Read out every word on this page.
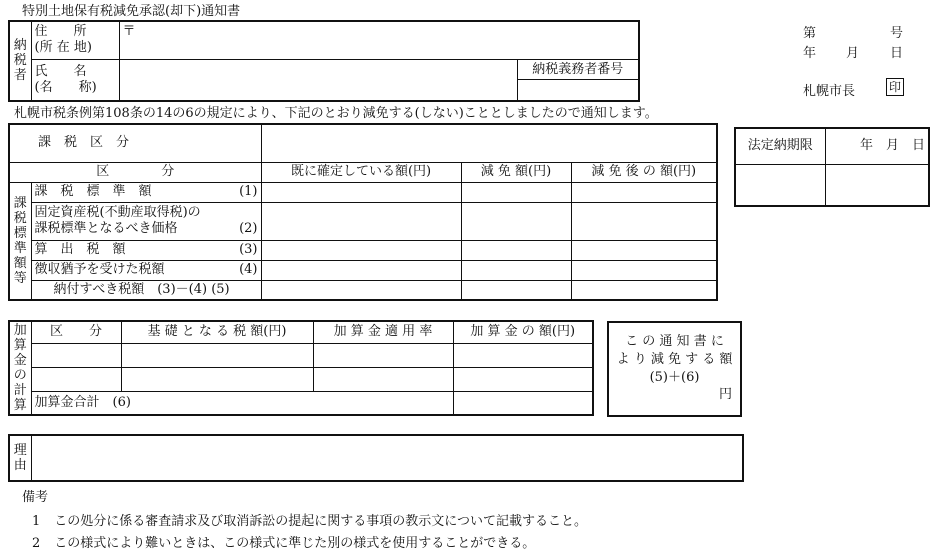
特別土地保有税減免承認(却下)通知書
納税者	住　　所
(所 在 地)	〒	

	氏　　名
(名　　称)		納税義務者番号
第	号
年 月 日
札幌市長	印
札幌市税条例第108条の14の6の規定により、下記のとおり減免する(しない)こととしましたので通知します。
課　税　区　分				
区　　　　分		既に確定している額(円)	減 免 額(円)	減 免 後 の 額(円)
課税標準額等	課　税　標　準　額 (1)			

	固定資産税(不動産取得税)の
課税標準となるべき価格 (2)			

	算　出　税　額 (3)			

	徴収猶予を受けた税額 (4)			

	納付すべき税額　(3)－(4) (5)			
法定納期限	年　月　日

加算金の計算	区　　分	基 礎 と な る 税 額(円)	加 算 金 適 用 率	加 算 金 の 額(円)

	加算金合計　(6)			
こ の 通 知 書 に
よ り 減 免 す る 額
(5)＋(6)
円
理由	
備考
1 この処分に係る審査請求及び取消訴訟の提起に関する事項の教示文について記載すること。
2 この様式により難いときは、この様式に準じた別の様式を使用することができる。
